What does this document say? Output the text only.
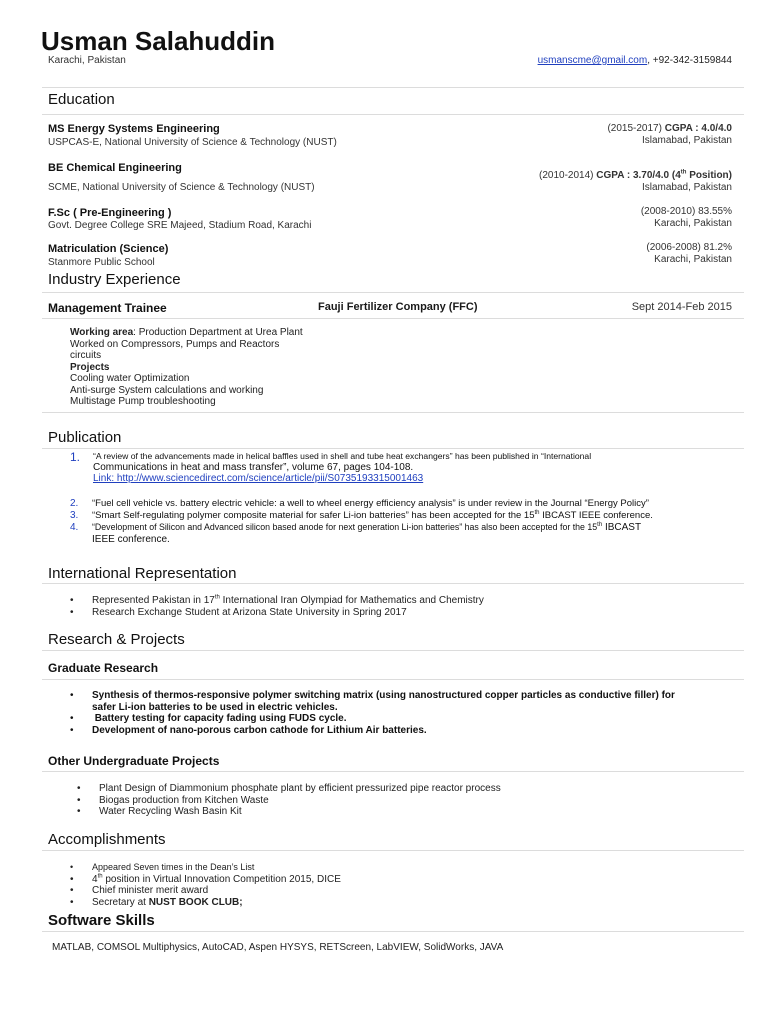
Usman Salahuddin
Karachi, Pakistan	usmanscme@gmail.com, +92-342-3159844
Education
MS Energy Systems Engineering
USPCAS-E, National University of Science & Technology (NUST)
(2015-2017) CGPA : 4.0/4.0
Islamabad, Pakistan
BE Chemical Engineering
SCME, National University of Science & Technology (NUST)
(2010-2014) CGPA : 3.70/4.0 (4th Position)
Islamabad, Pakistan
F.Sc ( Pre-Engineering )
Govt. Degree College SRE Majeed, Stadium Road, Karachi
(2008-2010) 83.55%
Karachi, Pakistan
Matriculation (Science)
Stanmore Public School
(2006-2008) 81.2%
Karachi, Pakistan
Industry Experience
Management Trainee	Fauji Fertilizer Company (FFC)	Sept 2014-Feb 2015
Working area: Production Department at Urea Plant
Worked on Compressors, Pumps and Reactors
circuits
Projects
Cooling water Optimization
Anti-surge System calculations and working
Multistage Pump troubleshooting
Publication
1. “A review of the advancements made in helical baffles used in shell and tube heat exchangers” has been published in “International
Communications in heat and mass transfer”, volume 67, pages 104-108.
Link: http://www.sciencedirect.com/science/article/pii/S0735193315001463
2. “Fuel cell vehicle vs. battery electric vehicle: a well to wheel energy efficiency analysis” is under review in the Journal “Energy Policy”
3. “Smart Self-regulating polymer composite material for safer Li-ion batteries” has been accepted for the 15th IBCAST IEEE conference.
4. “Development of Silicon and Advanced silicon based anode for next generation Li-ion batteries” has also been accepted for the 15th IBCAST
IEEE conference.
International Representation
• Represented Pakistan in 17th International Iran Olympiad for Mathematics and Chemistry
• Research Exchange Student at Arizona State University in Spring 2017
Research & Projects
Graduate Research
• Synthesis of thermos-responsive polymer switching matrix (using nanostructured copper particles as conductive filler) for
safer Li-ion batteries to be used in electric vehicles.
• Battery testing for capacity fading using FUDS cycle.
• Development of nano-porous carbon cathode for Lithium Air batteries.
Other Undergraduate Projects
• Plant Design of Diammonium phosphate plant by efficient pressurized pipe reactor process
• Biogas production from Kitchen Waste
• Water Recycling Wash Basin Kit
Accomplishments
• Appeared Seven times in the Dean’s List
• 4th position in Virtual Innovation Competition 2015, DICE
• Chief minister merit award
• Secretary at NUST BOOK CLUB;
Software Skills
MATLAB, COMSOL Multiphysics, AutoCAD, Aspen HYSYS, RETScreen, LabVIEW, SolidWorks, JAVA
